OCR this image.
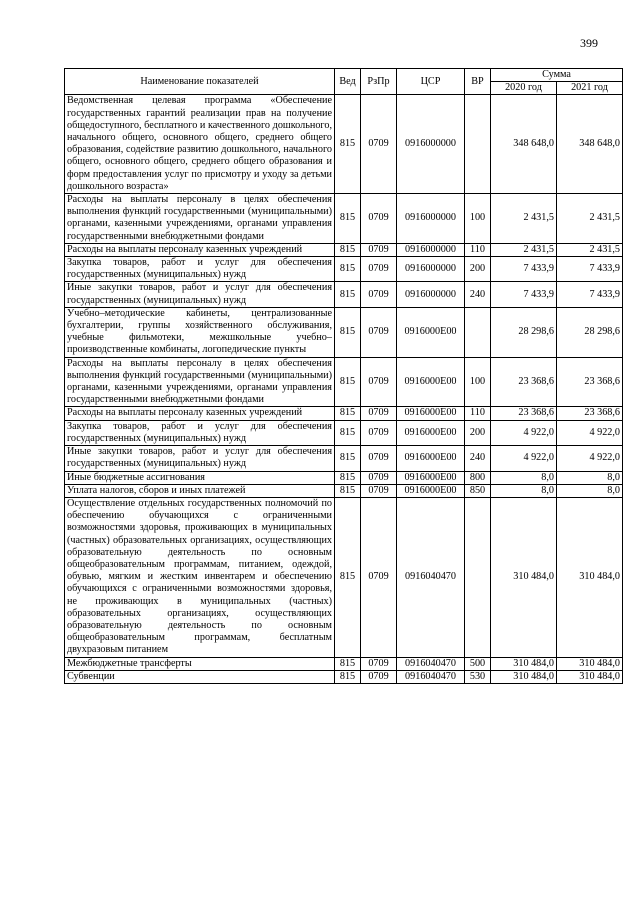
399
Наименование показателей	Вед	РзПр	ЦСР	ВР	Сумма	
					2020 год	2021 год
Ведомственная целевая программа «Обеспечение государственных гарантий реализации прав на получение общедоступного, бесплатного и качественного дошкольного, начального общего, основного общего, среднего общего образования, содействие развитию дошкольного, начального общего, основного общего, среднего общего образования и форм предоставления услуг по присмотру и уходу за детьми дошкольного возраста»	815	0709	0916000000		348 648,0	348 648,0
Расходы на выплаты персоналу в целях обеспечения выполнения функций государственными (муниципальными) органами, казенными учреждениями, органами управления государственными внебюджетными фондами	815	0709	0916000000	100	2 431,5	2 431,5
Расходы на выплаты персоналу казенных учреждений	815	0709	0916000000	110	2 431,5	2 431,5
Закупка товаров, работ и услуг для обеспечения государственных (муниципальных) нужд	815	0709	0916000000	200	7 433,9	7 433,9
Иные закупки товаров, работ и услуг для обеспечения государственных (муниципальных) нужд	815	0709	0916000000	240	7 433,9	7 433,9
Учебно–методические кабинеты, централизованные бухгалтерии, группы хозяйственного обслуживания, учебные фильмотеки, межшкольные учебно–производственные комбинаты, логопедические пункты	815	0709	0916000Е00		28 298,6	28 298,6
Расходы на выплаты персоналу в целях обеспечения выполнения функций государственными (муниципальными) органами, казенными учреждениями, органами управления государственными внебюджетными фондами	815	0709	0916000Е00	100	23 368,6	23 368,6
Расходы на выплаты персоналу казенных учреждений	815	0709	0916000Е00	110	23 368,6	23 368,6
Закупка товаров, работ и услуг для обеспечения государственных (муниципальных) нужд	815	0709	0916000Е00	200	4 922,0	4 922,0
Иные закупки товаров, работ и услуг для обеспечения государственных (муниципальных) нужд	815	0709	0916000Е00	240	4 922,0	4 922,0
Иные бюджетные ассигнования	815	0709	0916000Е00	800	8,0	8,0
Уплата налогов, сборов и иных платежей	815	0709	0916000Е00	850	8,0	8,0
Осуществление отдельных государственных полномочий по обеспечению обучающихся с ограниченными возможностями здоровья, проживающих в муниципальных (частных) образовательных организациях, осуществляющих образовательную деятельность по основным общеобразовательным программам, питанием, одеждой, обувью, мягким и жестким инвентарем и обеспечению обучающихся с ограниченными возможностями здоровья, не проживающих в муниципальных (частных) образовательных организациях, осуществляющих образовательную деятельность по основным общеобразовательным программам, бесплатным двухразовым питанием	815	0709	0916040470		310 484,0	310 484,0
Межбюджетные трансферты	815	0709	0916040470	500	310 484,0	310 484,0
Субвенции	815	0709	0916040470	530	310 484,0	310 484,0
